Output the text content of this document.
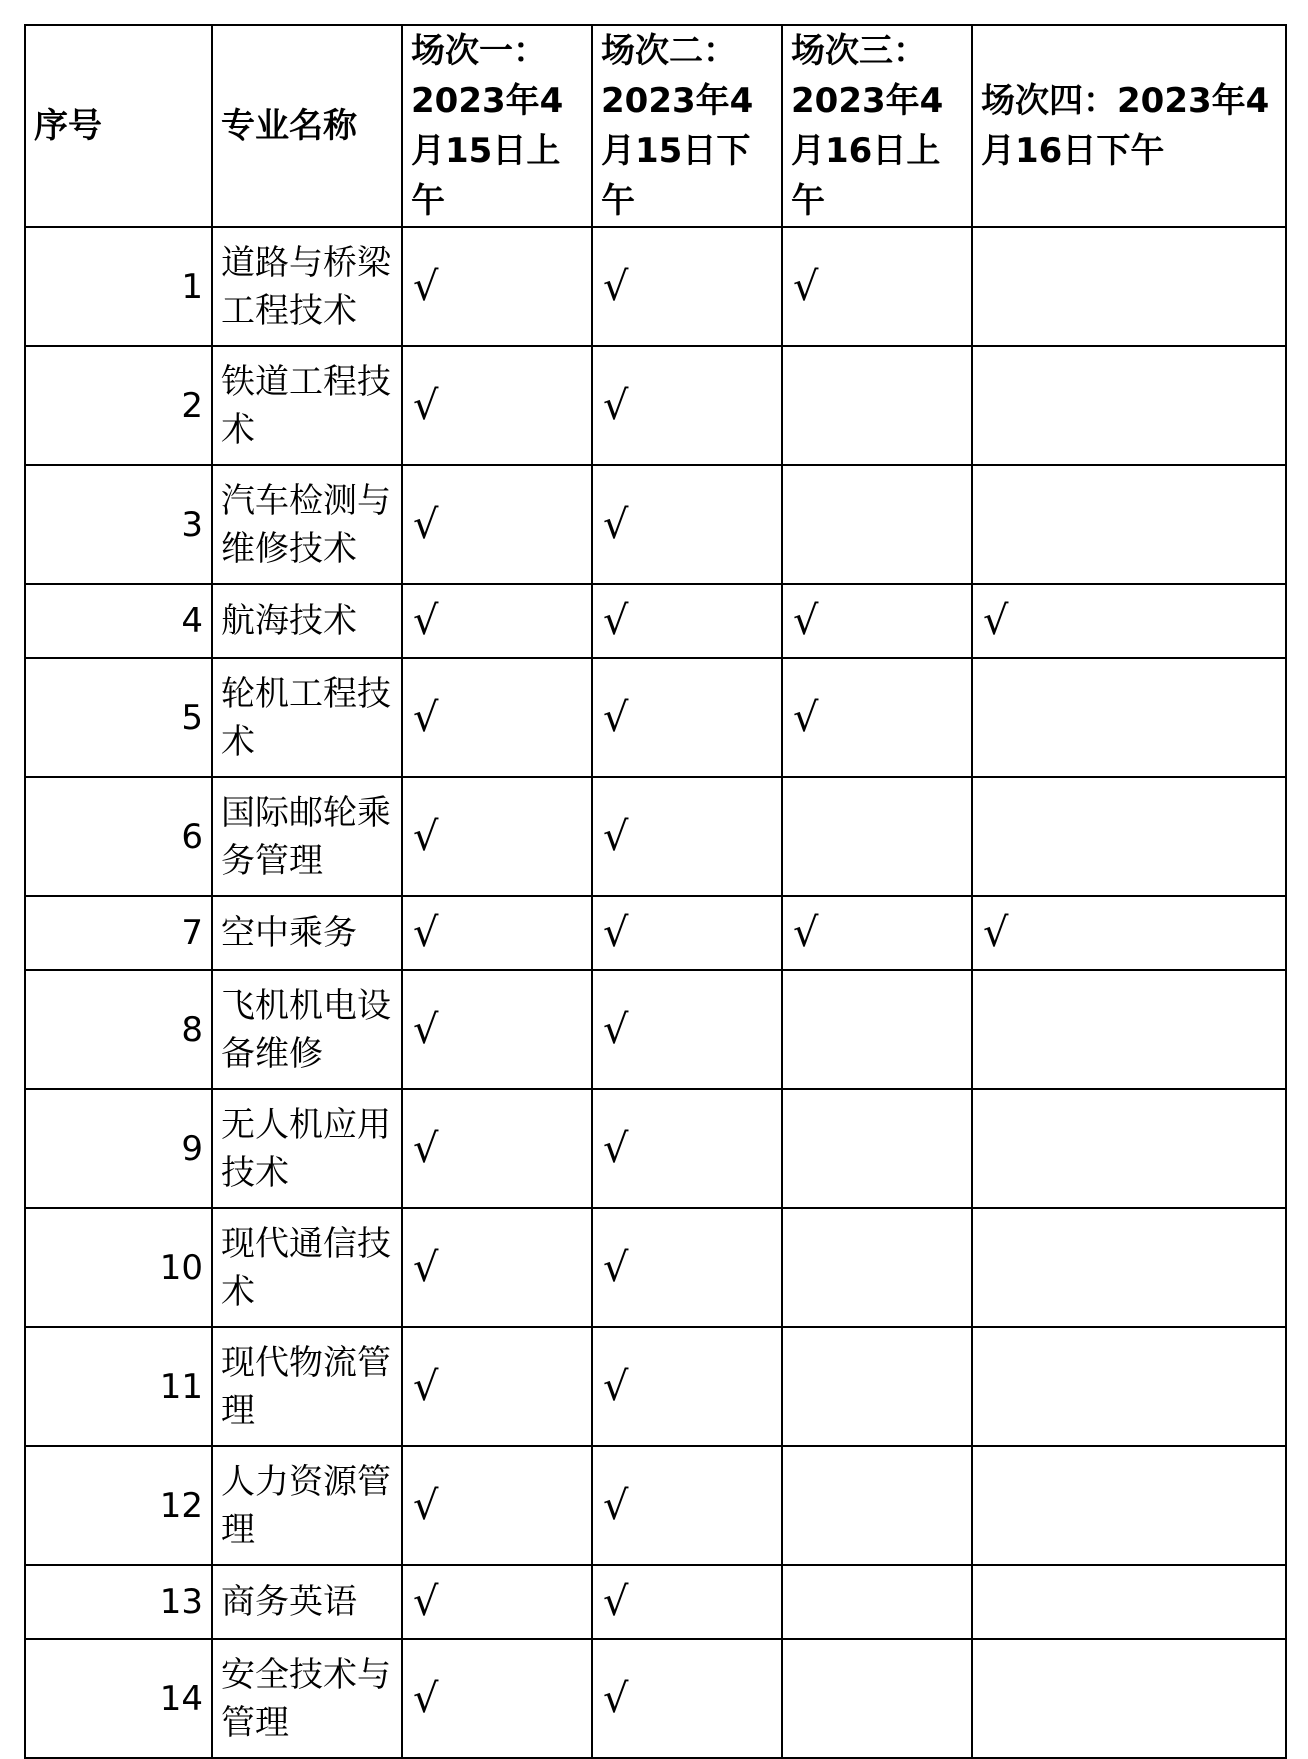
序号	专业名称	场次一：2023年4月15日上午	场次二：2023年4月15日下午	场次三：2023年4月16日上午	场次四：2023年4月16日下午
1	道路与桥梁工程技术	√	√	√	
2	铁道工程技术	√	√		
3	汽车检测与维修技术	√	√		
4	航海技术	√	√	√	√
5	轮机工程技术	√	√	√	
6	国际邮轮乘务管理	√	√		
7	空中乘务	√	√	√	√
8	飞机机电设备维修	√	√		
9	无人机应用技术	√	√		
10	现代通信技术	√	√		
11	现代物流管理	√	√		
12	人力资源管理	√	√		
13	商务英语	√	√		
14	安全技术与管理	√	√		
